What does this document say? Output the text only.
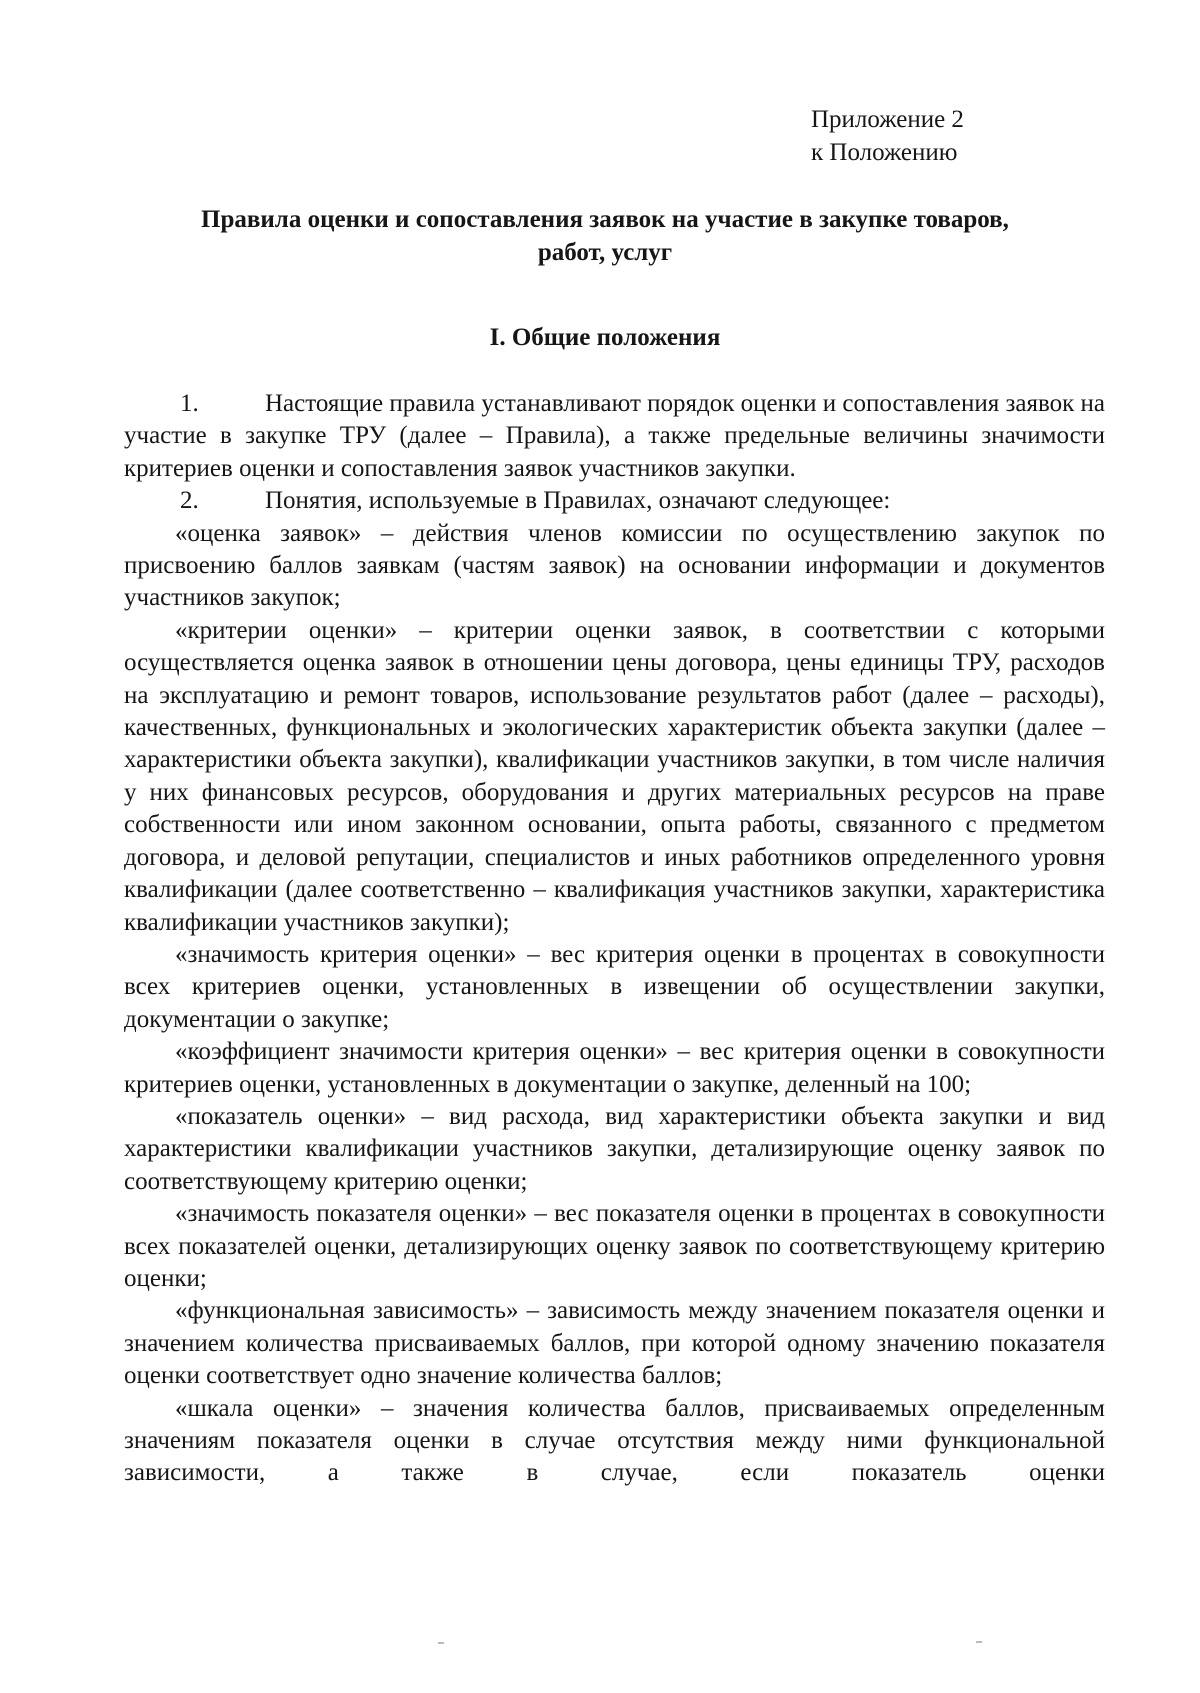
Приложение 2
к Положению
Правила оценки и сопоставления заявок на участие в закупке товаров,
работ, услуг
I. Общие положения

1.	Настоящие правила устанавливают порядок оценки и сопоставления заявок на участие в закупке ТРУ (далее – Правила), а также предельные величины значимости критериев оценки и сопоставления заявок участников закупки.

2.	Понятия, используемые в Правилах, означают следующее:

«оценка заявок» – действия членов комиссии по осуществлению закупок по присвоению баллов заявкам (частям заявок) на основании информации и документов участников закупок;

«критерии оценки» – критерии оценки заявок, в соответствии с которыми осуществляется оценка заявок в отношении цены договора, цены единицы ТРУ, расходов на эксплуатацию и ремонт товаров, использование результатов работ (далее – расходы), качественных, функциональных и экологических характеристик объекта закупки (далее – характеристики объекта закупки), квалификации участников закупки, в том числе наличия у них финансовых ресурсов, оборудования и других материальных ресурсов на праве собственности или ином законном основании, опыта работы, связанного с предметом договора, и деловой репутации, специалистов и иных работников определенного уровня квалификации (далее соответственно – квалификация участников закупки, характеристика квалификации участников закупки);

«значимость критерия оценки» – вес критерия оценки в процентах в совокупности всех критериев оценки, установленных в извещении об осуществлении закупки, документации о закупке;

«коэффициент значимости критерия оценки» – вес критерия оценки в совокупности критериев оценки, установленных в документации о закупке, деленный на 100;

«показатель оценки» – вид расхода, вид характеристики объекта закупки и вид характеристики квалификации участников закупки, детализирующие оценку заявок по соответствующему критерию оценки;

«значимость показателя оценки» – вес показателя оценки в процентах в совокупности всех показателей оценки, детализирующих оценку заявок по соответствующему критерию оценки;

«функциональная зависимость» – зависимость между значением показателя оценки и значением количества присваиваемых баллов, при которой одному значению показателя оценки соответствует одно значение количества баллов;

«шкала оценки» – значения количества баллов, присваиваемых определенным значениям показателя оценки в случае отсутствия между ними функциональной зависимости, а также в случае, если показатель оценки
